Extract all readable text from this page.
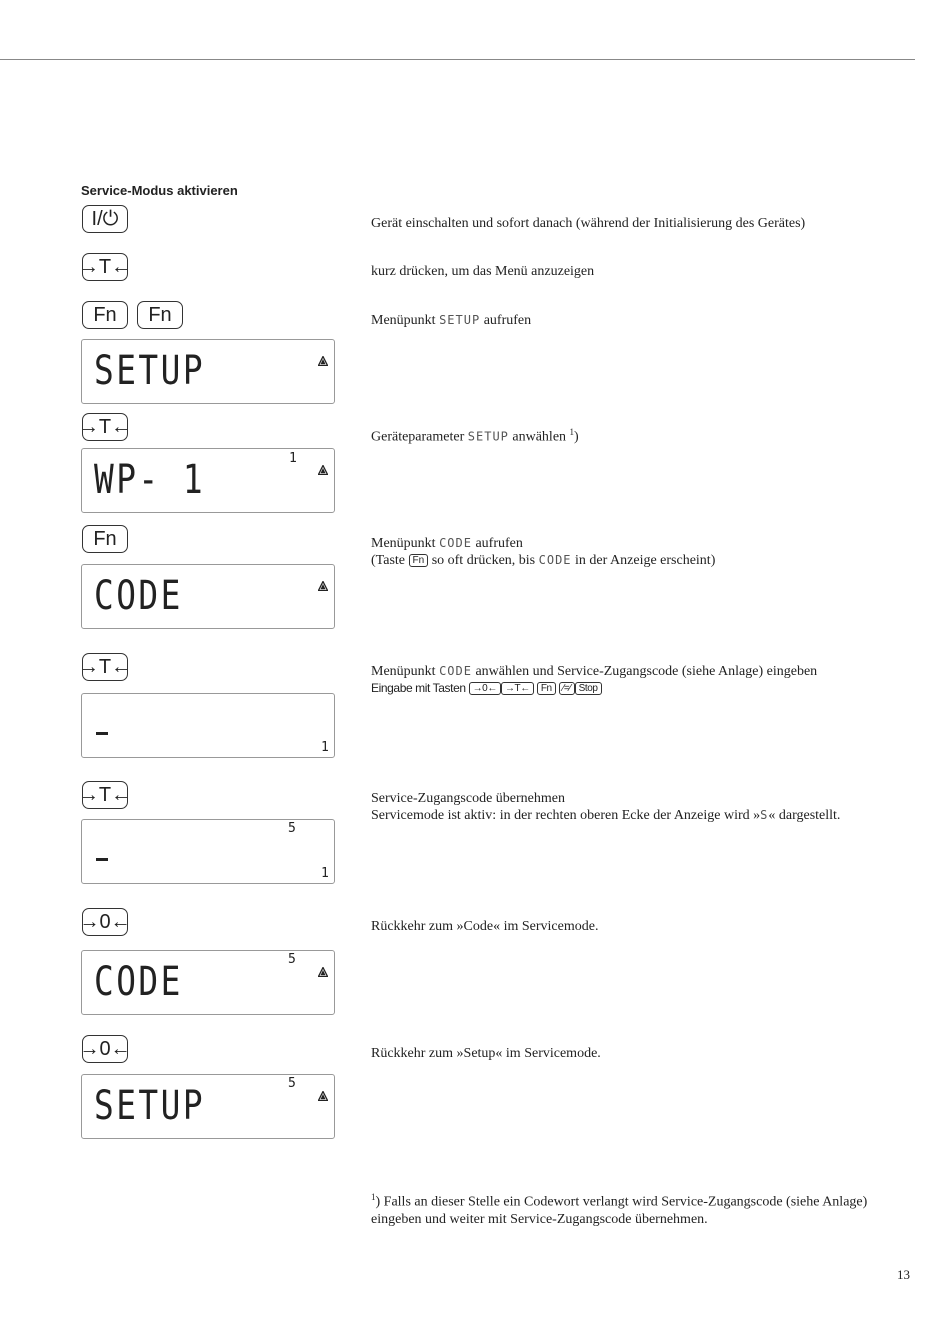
Service-Modus aktivieren
I/⏻	Gerät einschalten und sofort danach (während der Initialisierung des Gerätes)
→T←	kurz drücken, um das Menü anzuzeigen
Fn Fn	Menüpunkt SETUP aufrufen
SETUP
→T←	Geräteparameter SETUP anwählen $^1$)
WP- 1	1
Fn	Menüpunkt CODE aufrufen
(Taste Fn so oft drücken, bis CODE in der Anzeige erscheint)
CODE
→T←	Menüpunkt CODE anwählen und Service-Zugangscode (siehe Anlage) eingeben
Eingabe mit Tasten →0← →T← Fn ⁄=⁄ Stop
1
→T←	Service-Zugangscode übernehmen
Servicemode ist aktiv: in der rechten oberen Ecke der Anzeige wird »S« dargestellt.
5
1
→0←	Rückkehr zum »Code« im Servicemode.
5
CODE
→0←	Rückkehr zum »Setup« im Servicemode.
5
SETUP
$^1$) Falls an dieser Stelle ein Codewort verlangt wird Service-Zugangscode (siehe Anlage) eingeben und weiter mit Service-Zugangscode übernehmen.
13
